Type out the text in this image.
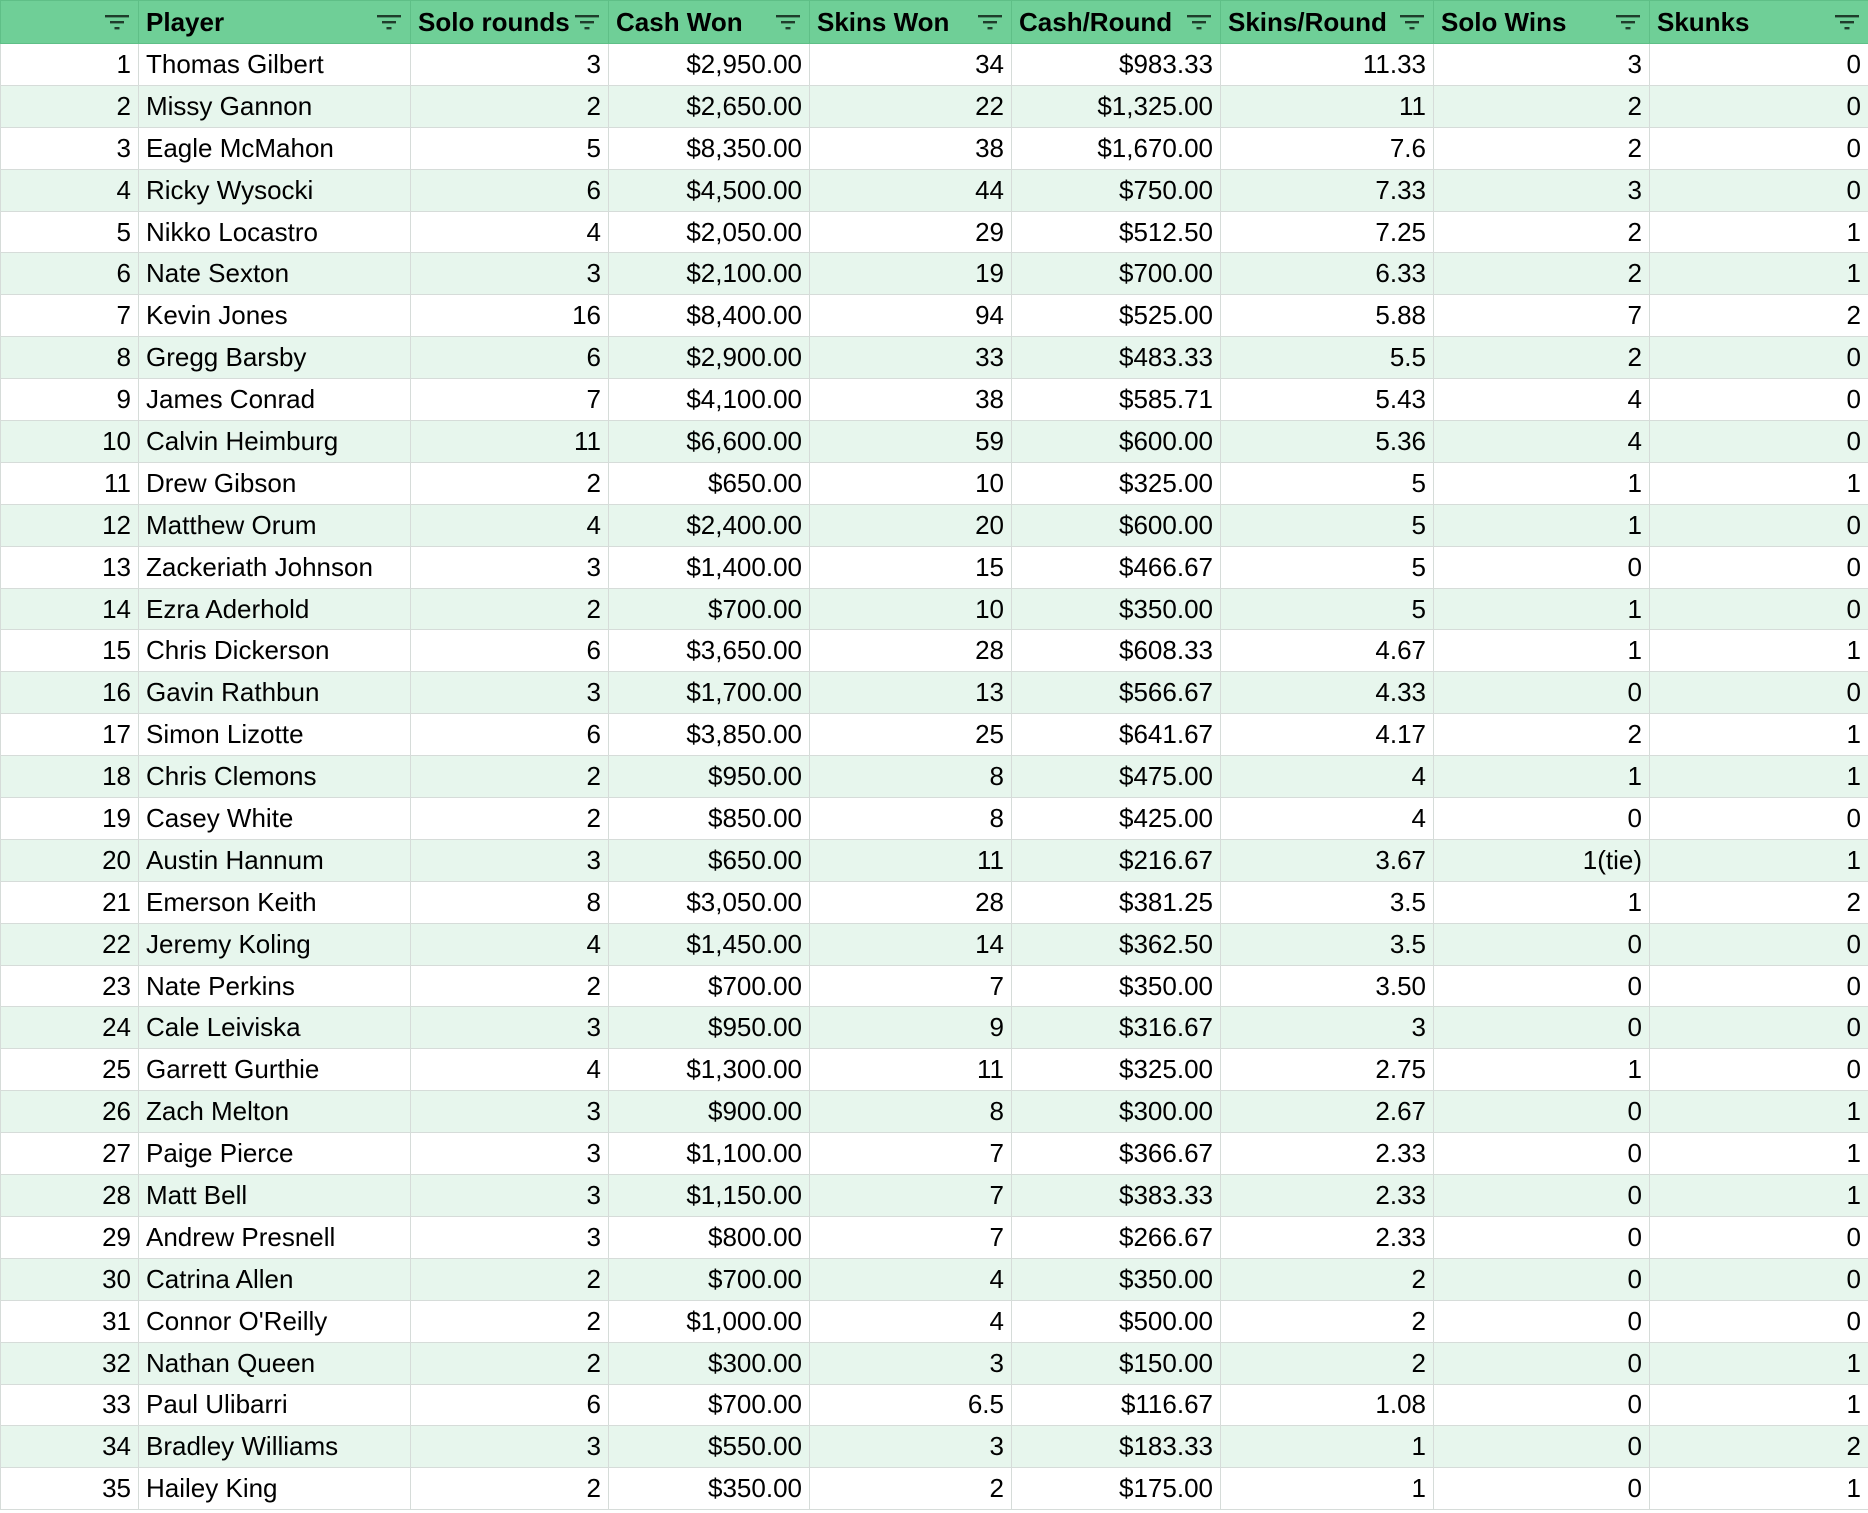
	Player	Solo rounds	Cash Won	Skins Won	Cash/Round	Skins/Round	Solo Wins	Skunks

1	Thomas Gilbert	3	$2,950.00	34	$983.33	11.33	3	0
2	Missy Gannon	2	$2,650.00	22	$1,325.00	11	2	0
3	Eagle McMahon	5	$8,350.00	38	$1,670.00	7.6	2	0
4	Ricky Wysocki	6	$4,500.00	44	$750.00	7.33	3	0
5	Nikko Locastro	4	$2,050.00	29	$512.50	7.25	2	1
6	Nate Sexton	3	$2,100.00	19	$700.00	6.33	2	1
7	Kevin Jones	16	$8,400.00	94	$525.00	5.88	7	2
8	Gregg Barsby	6	$2,900.00	33	$483.33	5.5	2	0
9	James Conrad	7	$4,100.00	38	$585.71	5.43	4	0
10	Calvin Heimburg	11	$6,600.00	59	$600.00	5.36	4	0
11	Drew Gibson	2	$650.00	10	$325.00	5	1	1
12	Matthew Orum	4	$2,400.00	20	$600.00	5	1	0
13	Zackeriath Johnson	3	$1,400.00	15	$466.67	5	0	0
14	Ezra Aderhold	2	$700.00	10	$350.00	5	1	0
15	Chris Dickerson	6	$3,650.00	28	$608.33	4.67	1	1
16	Gavin Rathbun	3	$1,700.00	13	$566.67	4.33	0	0
17	Simon Lizotte	6	$3,850.00	25	$641.67	4.17	2	1
18	Chris Clemons	2	$950.00	8	$475.00	4	1	1
19	Casey White	2	$850.00	8	$425.00	4	0	0
20	Austin Hannum	3	$650.00	11	$216.67	3.67	1(tie)	1
21	Emerson Keith	8	$3,050.00	28	$381.25	3.5	1	2
22	Jeremy Koling	4	$1,450.00	14	$362.50	3.5	0	0
23	Nate Perkins	2	$700.00	7	$350.00	3.50	0	0
24	Cale Leiviska	3	$950.00	9	$316.67	3	0	0
25	Garrett Gurthie	4	$1,300.00	11	$325.00	2.75	1	0
26	Zach Melton	3	$900.00	8	$300.00	2.67	0	1
27	Paige Pierce	3	$1,100.00	7	$366.67	2.33	0	1
28	Matt Bell	3	$1,150.00	7	$383.33	2.33	0	1
29	Andrew Presnell	3	$800.00	7	$266.67	2.33	0	0
30	Catrina Allen	2	$700.00	4	$350.00	2	0	0
31	Connor O'Reilly	2	$1,000.00	4	$500.00	2	0	0
32	Nathan Queen	2	$300.00	3	$150.00	2	0	1
33	Paul Ulibarri	6	$700.00	6.5	$116.67	1.08	0	1
34	Bradley Williams	3	$550.00	3	$183.33	1	0	2
35	Hailey King	2	$350.00	2	$175.00	1	0	1
